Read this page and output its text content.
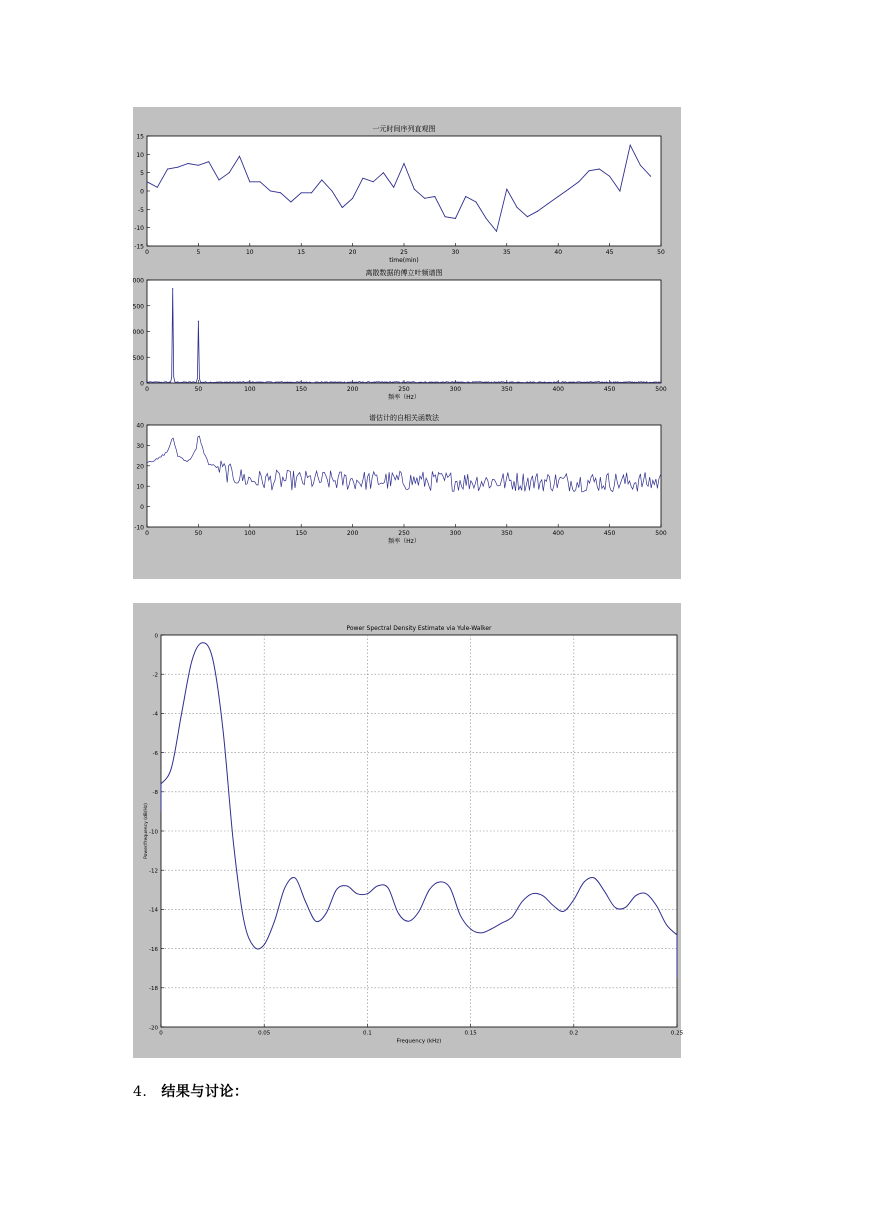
0	5	10	15	20	25	30	35	40	45	50
-15
-10
-5
0
5
10
15
一元时间序列直观图
time(min)
0	50	100	150	200	250	300	350	400	450	500
0
500
000
500
000
离散数据的傅立叶频谱图
频率（Hz）
0	50	100	150	200	250	300	350	400	450	500
-10
0
10
20
30
40
谱估计的自相关函数法
频率（Hz）
0	0.05	0.1	0.15	0.2	0.25
-20
-18
-16
-14
-12
-10
-8
-6
-4
-2
0
Power Spectral Density Estimate via Yule-Walker
Frequency (kHz)
Power/frequency (dB/Hz)
4. 结果与讨论：
